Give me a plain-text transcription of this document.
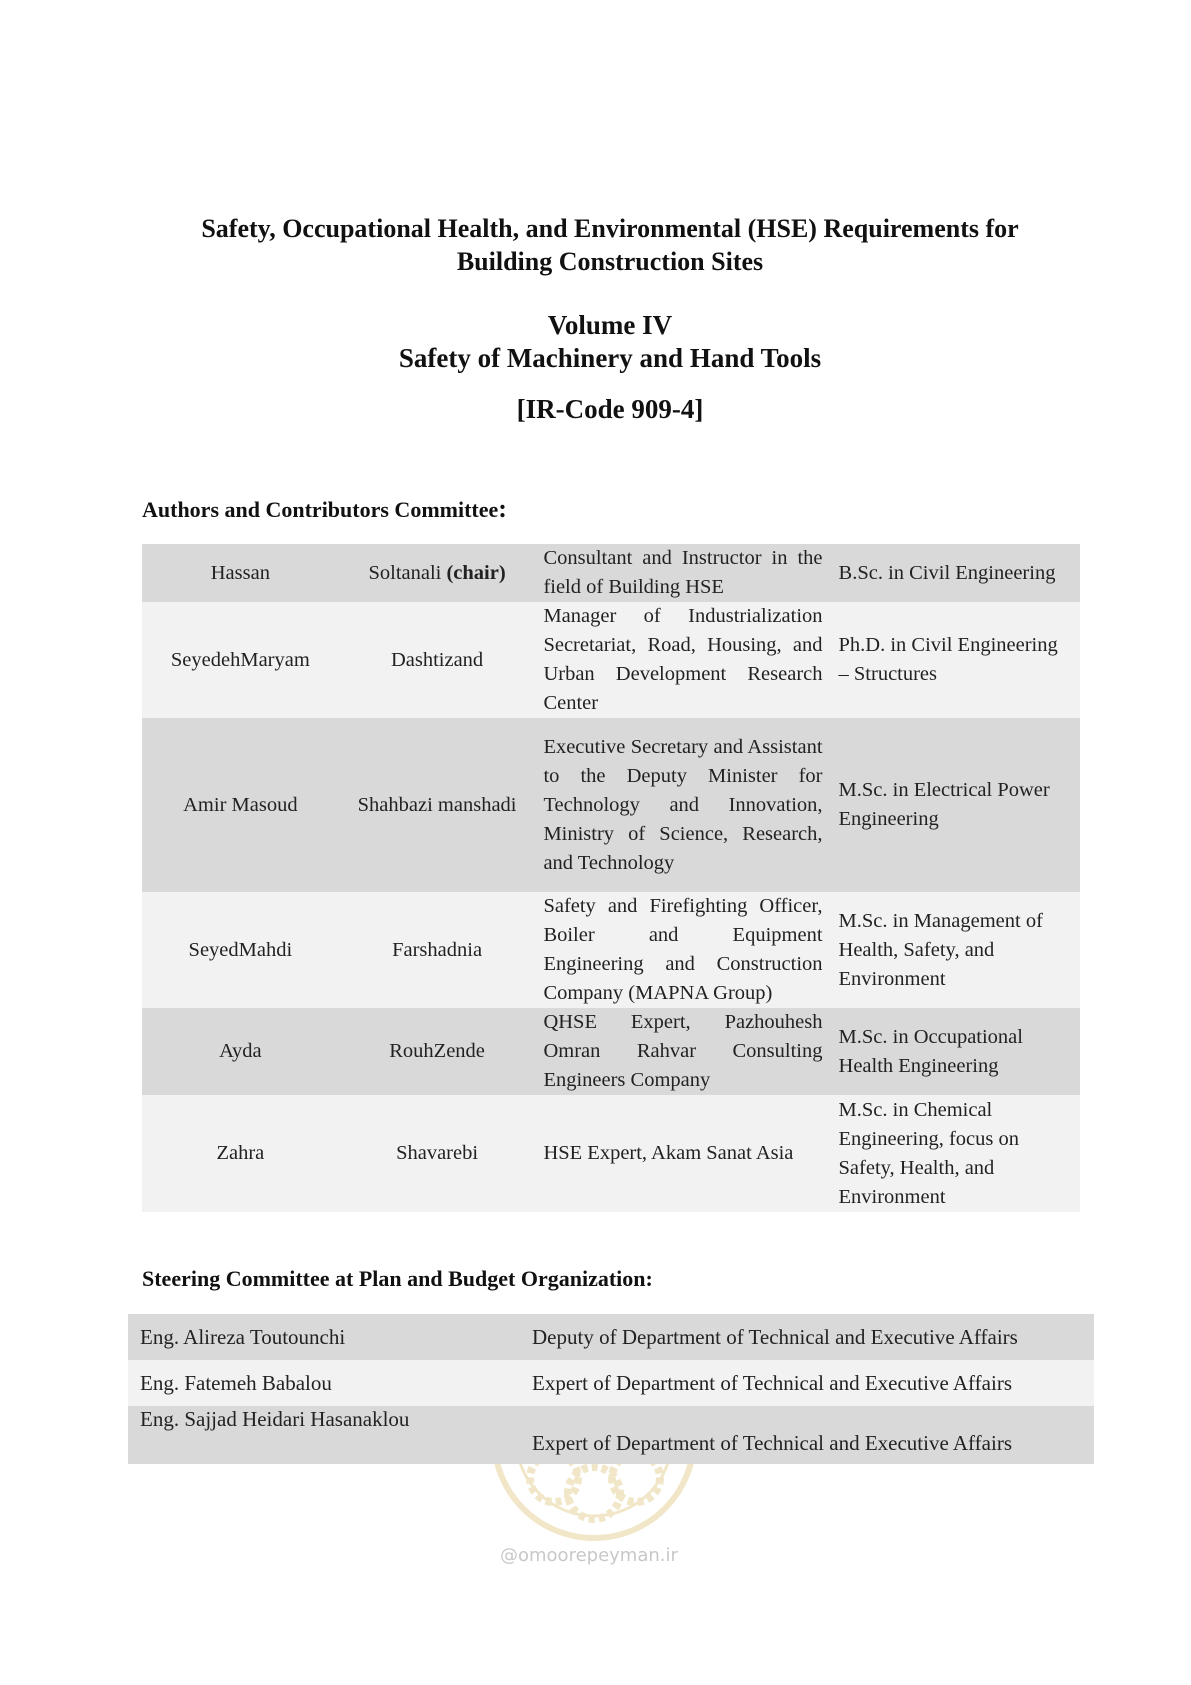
Safety, Occupational Health, and Environmental (HSE) Requirements for
Building Construction Sites
Volume IV
Safety of Machinery and Hand Tools
[IR-Code 909-4]
Authors and Contributors Committee:
Hassan	Soltanali (chair)	Consultant and Instructor in the field of Building HSE	B.Sc. in Civil Engineering
SeyedehMaryam	Dashtizand	Manager of Industrialization Secretariat, Road, Housing, and Urban Development Research Center	Ph.D. in Civil Engineering – Structures
Amir Masoud	Shahbazi manshadi	Executive Secretary and Assistant to the Deputy Minister for Technology and Innovation, Ministry of Science, Research, and Technology	M.Sc. in Electrical Power Engineering
SeyedMahdi	Farshadnia	Safety and Firefighting Officer, Boiler and Equipment Engineering and Construction Company (MAPNA Group)	M.Sc. in Management of Health, Safety, and Environment
Ayda	RouhZende	QHSE Expert, Pazhouhesh Omran Rahvar Consulting Engineers Company	M.Sc. in Occupational Health Engineering
Zahra	Shavarebi	HSE Expert, Akam Sanat Asia	M.Sc. in Chemical Engineering, focus on Safety, Health, and Environment
Steering Committee at Plan and Budget Organization:
@omoorepeyman.ir
Eng. Alireza Toutounchi	Deputy of Department of Technical and Executive Affairs
Eng. Fatemeh Babalou	Expert of Department of Technical and Executive Affairs
Eng. Sajjad Heidari Hasanaklou	Expert of Department of Technical and Executive Affairs
